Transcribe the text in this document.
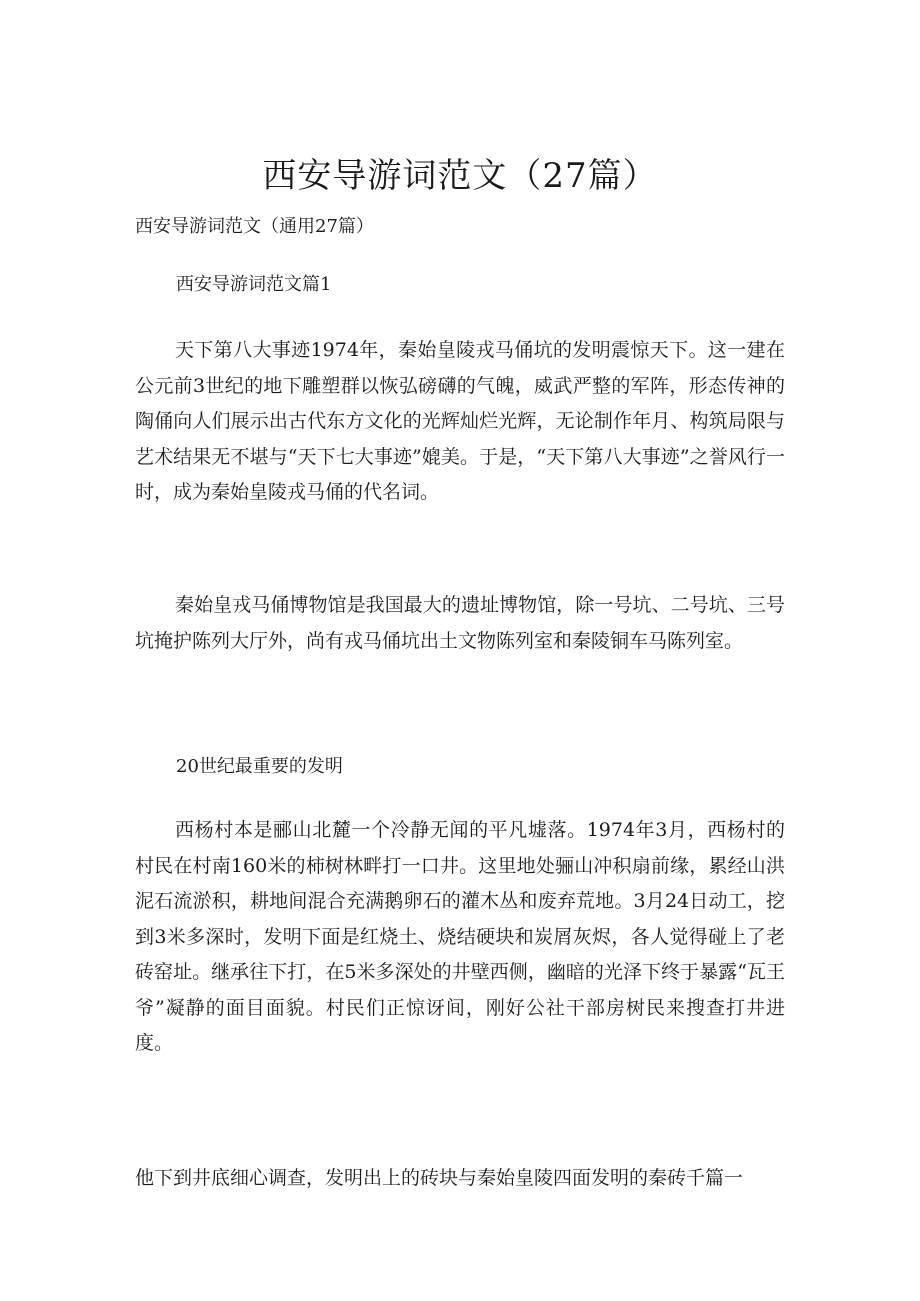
西安导游词范文（27篇）
西安导游词范文（通用27篇）
西安导游词范文篇1

天下第八大事迹1974年，秦始皇陵戎马俑坑的发明震惊天下。这一建在公元前3世纪的地下雕塑群以恢弘磅礴的气魄，威武严整的军阵，形态传神的陶俑向人们展示出古代东方文化的光辉灿烂光辉，无论制作年月、构筑局限与艺术结果无不堪与“天下七大事迹”媲美。于是，“天下第八大事迹”之誉风行一时，成为秦始皇陵戎马俑的代名词。

秦始皇戎马俑博物馆是我国最大的遗址博物馆，除一号坑、二号坑、三号坑掩护陈列大厅外，尚有戎马俑坑出土文物陈列室和秦陵铜车马陈列室。

20世纪最重要的发明

西杨村本是郦山北麓一个冷静无闻的平凡墟落。1974年3月，西杨村的村民在村南160米的柿树林畔打一口井。这里地处骊山冲积扇前缘，累经山洪泥石流淤积，耕地间混合充满鹅卵石的灌木丛和废弃荒地。3月24日动工，挖到3米多深时，发明下面是红烧土、烧结硬块和炭屑灰烬，各人觉得碰上了老砖窑址。继承往下打，在5米多深处的井壁西侧，幽暗的光泽下终于暴露“瓦王爷”凝静的面目面貌。村民们正惊讶间，刚好公社干部房树民来搜查打井进度。

他下到井底细心调查，发明出上的砖块与秦始皇陵四面发明的秦砖千篇一
